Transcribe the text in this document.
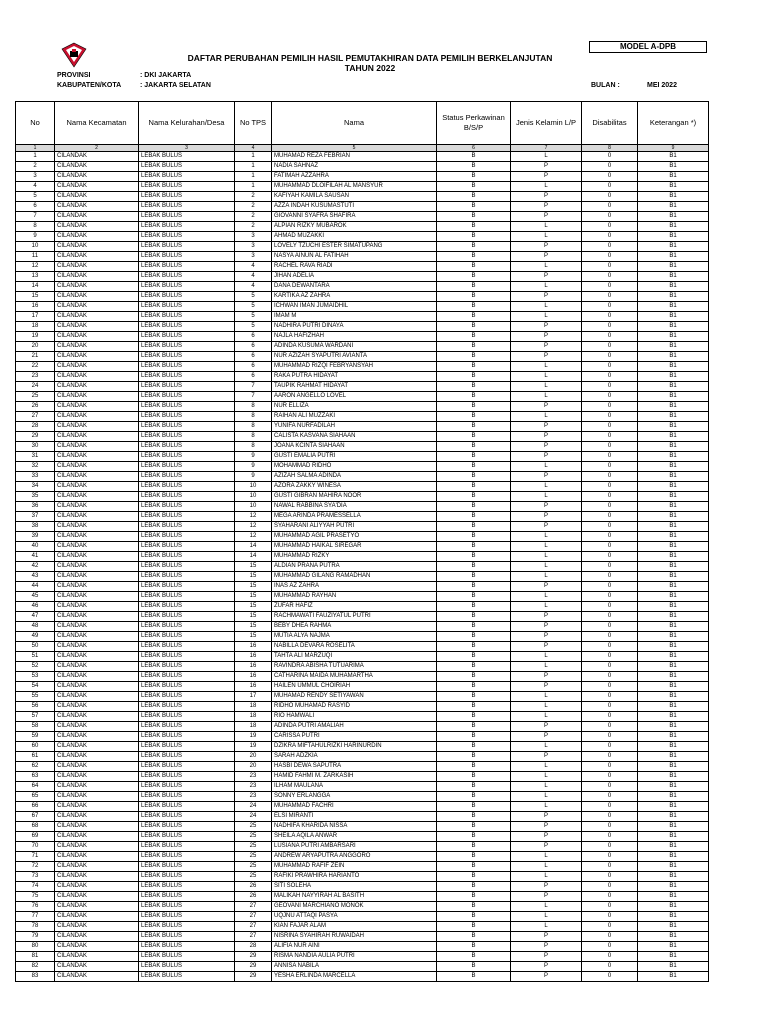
MODEL A-DPB
DAFTAR PERUBAHAN PEMILIH HASIL PEMUTAKHIRAN DATA PEMILIH BERKELANJUTAN
TAHUN 2022
PROVINSI	: DKI JAKARTA
KABUPATEN/KOTA	: JAKARTA SELATAN	BULAN :	MEI 2022
No	Nama Kecamatan	Nama Kelurahan/Desa	No TPS	Nama	Status Perkawinan B/S/P	Jenis Kelamin L/P	Disabilitas	Keterangan *)
1	2	3	4	5	6	7	8	9
1	CILANDAK	LEBAK BULUS	1	MUHAMAD REZA FEBRIAN	B	L	0	B1
2	CILANDAK	LEBAK BULUS	1	NADIA SAHNAZ	B	P	0	B1
3	CILANDAK	LEBAK BULUS	1	FATIMAH AZZAHRA	B	P	0	B1
4	CILANDAK	LEBAK BULUS	1	MUHAMMAD DLOIFILAH AL MANSYUR	B	L	0	B1
5	CILANDAK	LEBAK BULUS	2	KAFIYAH KAMILA SAUSAN	B	P	0	B1
6	CILANDAK	LEBAK BULUS	2	AZZA INDAH KUSUMASTUTI	B	P	0	B1
7	CILANDAK	LEBAK BULUS	2	GIOVANNI SYAFRA SHAFIRA	B	P	0	B1
8	CILANDAK	LEBAK BULUS	2	ALPIAN RIZKY MUBAROK	B	L	0	B1
9	CILANDAK	LEBAK BULUS	3	AHMAD MUZAKKI	B	L	0	B1
10	CILANDAK	LEBAK BULUS	3	LOVELY TZUCHI ESTER SIMATUPANG	B	P	0	B1
11	CILANDAK	LEBAK BULUS	3	NASYA AINUN AL FATIHAH	B	P	0	B1
12	CILANDAK	LEBAK BULUS	4	RACHEL RAVA RIADI	B	L	0	B1
13	CILANDAK	LEBAK BULUS	4	JIHAN ADELIA	B	P	0	B1
14	CILANDAK	LEBAK BULUS	4	DANA DEWANTARA	B	L	0	B1
15	CILANDAK	LEBAK BULUS	5	KARTIKA AZ ZAHRA	B	P	0	B1
16	CILANDAK	LEBAK BULUS	5	ICHWAN IMAN JUMAIDHIL	B	L	0	B1
17	CILANDAK	LEBAK BULUS	5	IMAM M	B	L	0	B1
18	CILANDAK	LEBAK BULUS	5	NADHIRA PUTRI DINAYA	B	P	0	B1
19	CILANDAK	LEBAK BULUS	6	NAJLA HAFIZHAH	B	P	0	B1
20	CILANDAK	LEBAK BULUS	6	ADINDA KUSUMA WARDANI	B	P	0	B1
21	CILANDAK	LEBAK BULUS	6	NUR AZIZAH SYAPUTRI AVIANTA	B	P	0	B1
22	CILANDAK	LEBAK BULUS	6	MUHAMMAD RIZQI FEBRYANSYAH	B	L	0	B1
23	CILANDAK	LEBAK BULUS	6	RAKA PUTRA HIDAYAT	B	L	0	B1
24	CILANDAK	LEBAK BULUS	7	TAUPIK RAHMAT HIDAYAT	B	L	0	B1
25	CILANDAK	LEBAK BULUS	7	AARON ANGELLO LOVEL	B	L	0	B1
26	CILANDAK	LEBAK BULUS	8	NUR ELLIZA	B	P	0	B1
27	CILANDAK	LEBAK BULUS	8	RAIHAN ALI MUZZAKI	B	L	0	B1
28	CILANDAK	LEBAK BULUS	8	YUNIFA NURFADILAH	B	P	0	B1
29	CILANDAK	LEBAK BULUS	8	CALISTA KASVANA SIAHAAN	B	P	0	B1
30	CILANDAK	LEBAK BULUS	8	JOANA KCINTA SIAHAAN	B	P	0	B1
31	CILANDAK	LEBAK BULUS	9	GUSTI EMALIA PUTRI	B	P	0	B1
32	CILANDAK	LEBAK BULUS	9	MOHAMMAD RIDHO	B	L	0	B1
33	CILANDAK	LEBAK BULUS	9	AZIZAH SALMA ADINDA	B	P	0	B1
34	CILANDAK	LEBAK BULUS	10	AZORA ZAKKY WINESA	B	L	0	B1
35	CILANDAK	LEBAK BULUS	10	GUSTI GIBRAN MAHIRA NOOR	B	L	0	B1
36	CILANDAK	LEBAK BULUS	10	NAWAL RABBINA SYA'DIA	B	P	0	B1
37	CILANDAK	LEBAK BULUS	12	MEGA ARINDA PRAMESSELLA	B	P	0	B1
38	CILANDAK	LEBAK BULUS	12	SYAHARANI ALIYYAH PUTRI	B	P	0	B1
39	CILANDAK	LEBAK BULUS	12	MUHAMMAD AGIL PRASETYO	B	L	0	B1
40	CILANDAK	LEBAK BULUS	14	MUHAMMAD HAIKAL SIREGAR	B	L	0	B1
41	CILANDAK	LEBAK BULUS	14	MUHAMMAD RIZKY	B	L	0	B1
42	CILANDAK	LEBAK BULUS	15	ALDIAN PRANA PUTRA	B	L	0	B1
43	CILANDAK	LEBAK BULUS	15	MUHAMMAD GILANG RAMADHAN	B	L	0	B1
44	CILANDAK	LEBAK BULUS	15	INAS AZ ZAHRA	B	P	0	B1
45	CILANDAK	LEBAK BULUS	15	MUHAMMAD RAYHAN	B	L	0	B1
46	CILANDAK	LEBAK BULUS	15	ZUFAR HAFIZ	B	L	0	B1
47	CILANDAK	LEBAK BULUS	15	RACHMAWATI FAUZIYATUL PUTRI	B	P	0	B1
48	CILANDAK	LEBAK BULUS	15	BEBY DHEA RAHMA	B	P	0	B1
49	CILANDAK	LEBAK BULUS	15	MUTIA ALYA NAJMA	B	P	0	B1
50	CILANDAK	LEBAK BULUS	16	NABILLA DEVARA ROSELITA	B	P	0	B1
51	CILANDAK	LEBAK BULUS	16	TAHTA ALI MARZUQI	B	L	0	B1
52	CILANDAK	LEBAK BULUS	16	RAVINDRA ABISHA TUTUARIMA	B	L	0	B1
53	CILANDAK	LEBAK BULUS	16	CATHARINA MAIDA MUHAMARTHA	B	P	0	B1
54	CILANDAK	LEBAK BULUS	16	HAILEN UMMUL CHOIRIAH	B	P	0	B1
55	CILANDAK	LEBAK BULUS	17	MUHAMAD RENDY SETIYAWAN	B	L	0	B1
56	CILANDAK	LEBAK BULUS	18	RIDHO MUHAMAD RASYID	B	L	0	B1
57	CILANDAK	LEBAK BULUS	18	RIO HAMWALI	B	L	0	B1
58	CILANDAK	LEBAK BULUS	18	ADINDA PUTRI AMALIAH	B	P	0	B1
59	CILANDAK	LEBAK BULUS	19	CARISSA PUTRI	B	P	0	B1
60	CILANDAK	LEBAK BULUS	19	DZIKRA MIFTAHULRIZKI HARINURDIN	B	L	0	B1
61	CILANDAK	LEBAK BULUS	20	SARAH ADZKIA	B	P	0	B1
62	CILANDAK	LEBAK BULUS	20	HASBI DEWA SAPUTRA	B	L	0	B1
63	CILANDAK	LEBAK BULUS	23	HAMID FAHMI M. ZARKASIH	B	L	0	B1
64	CILANDAK	LEBAK BULUS	23	ILHAM MAULANA	B	L	0	B1
65	CILANDAK	LEBAK BULUS	23	SONNY ERLANGGA	B	L	0	B1
66	CILANDAK	LEBAK BULUS	24	MUHAMMAD FACHRI	B	L	0	B1
67	CILANDAK	LEBAK BULUS	24	ELSI MIRANTI	B	P	0	B1
68	CILANDAK	LEBAK BULUS	25	NADHIFA KHARIDA NISSA	B	P	0	B1
69	CILANDAK	LEBAK BULUS	25	SHEILA AQILA ANWAR	B	P	0	B1
70	CILANDAK	LEBAK BULUS	25	LUSIANA PUTRI AMBARSARI	B	P	0	B1
71	CILANDAK	LEBAK BULUS	25	ANDREW ARYAPUTRA ANGGORO	B	L	0	B1
72	CILANDAK	LEBAK BULUS	25	MUHAMMAD RAFIF ZEIN	B	L	0	B1
73	CILANDAK	LEBAK BULUS	25	RAFIKI PRAWHIRA HARIANTO	B	L	0	B1
74	CILANDAK	LEBAK BULUS	26	SITI SOLEHA	B	P	0	B1
75	CILANDAK	LEBAK BULUS	26	MALIKAH NAYYIRAH AL BASITH	B	P	0	B1
76	CILANDAK	LEBAK BULUS	27	GEOVANI MARCHIANO MONOK	B	L	0	B1
77	CILANDAK	LEBAK BULUS	27	UQJNU ATTAQI PASYA	B	L	0	B1
78	CILANDAK	LEBAK BULUS	27	KIAN FAJAR ALAM	B	L	0	B1
79	CILANDAK	LEBAK BULUS	27	NISRINA SYAHIRAH RUWAIDAH	B	P	0	B1
80	CILANDAK	LEBAK BULUS	28	ALIFIA NUR AINI	B	P	0	B1
81	CILANDAK	LEBAK BULUS	29	RISMA NANDIA AULIA PUTRI	B	P	0	B1
82	CILANDAK	LEBAK BULUS	29	ANNISA NABILA	B	P	0	B1
83	CILANDAK	LEBAK BULUS	29	YESHA ERLINDA MARCELLA	B	P	0	B1
